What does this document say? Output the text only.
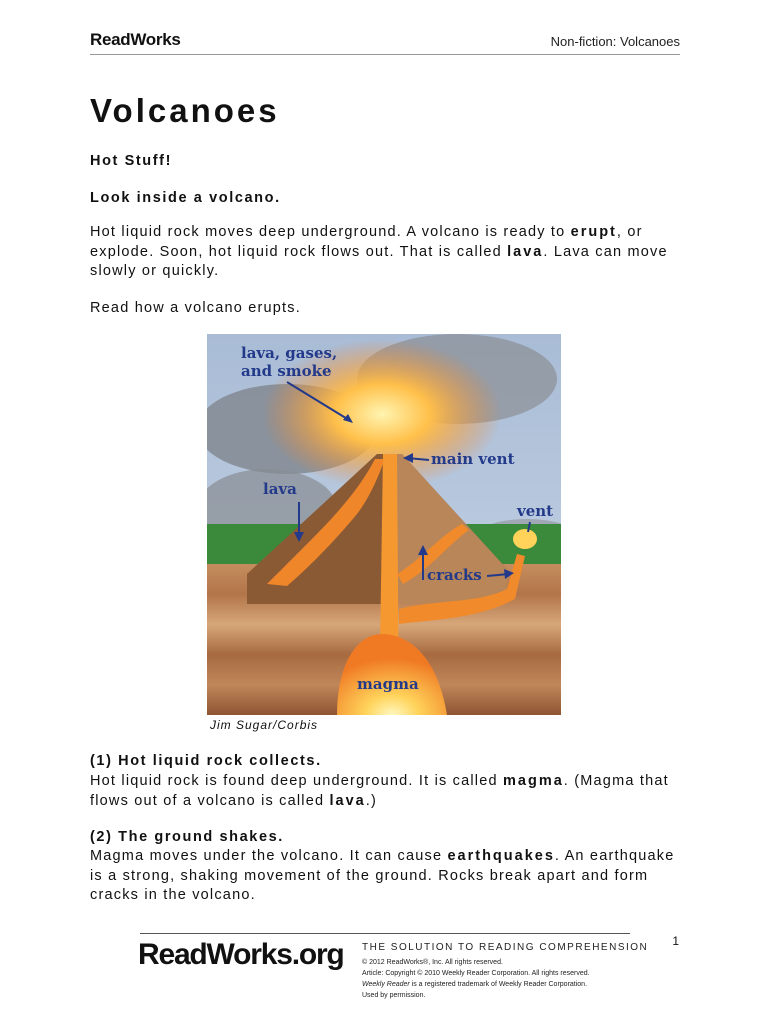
ReadWorks	Non-fiction: Volcanoes
Volcanoes
Hot Stuff!
Look inside a volcano.
Hot liquid rock moves deep underground. A volcano is ready to erupt, or explode. Soon, hot liquid rock flows out. That is called lava. Lava can move slowly or quickly.
Read how a volcano erupts.
lava, gases,
and smoke
main vent
lava
vent
cracks
magma
Jim Sugar/Corbis
(1) Hot liquid rock collects.
Hot liquid rock is found deep underground. It is called magma. (Magma that flows out of a volcano is called lava.)
(2) The ground shakes.
Magma moves under the volcano. It can cause earthquakes. An earthquake is a strong, shaking movement of the ground. Rocks break apart and form cracks in the volcano.
1
ReadWorks.org THE SOLUTION TO READING COMPREHENSION
© 2012 ReadWorks®, Inc. All rights reserved.
Article: Copyright © 2010 Weekly Reader Corporation. All rights reserved.
Weekly Reader is a registered trademark of Weekly Reader Corporation.
Used by permission.
